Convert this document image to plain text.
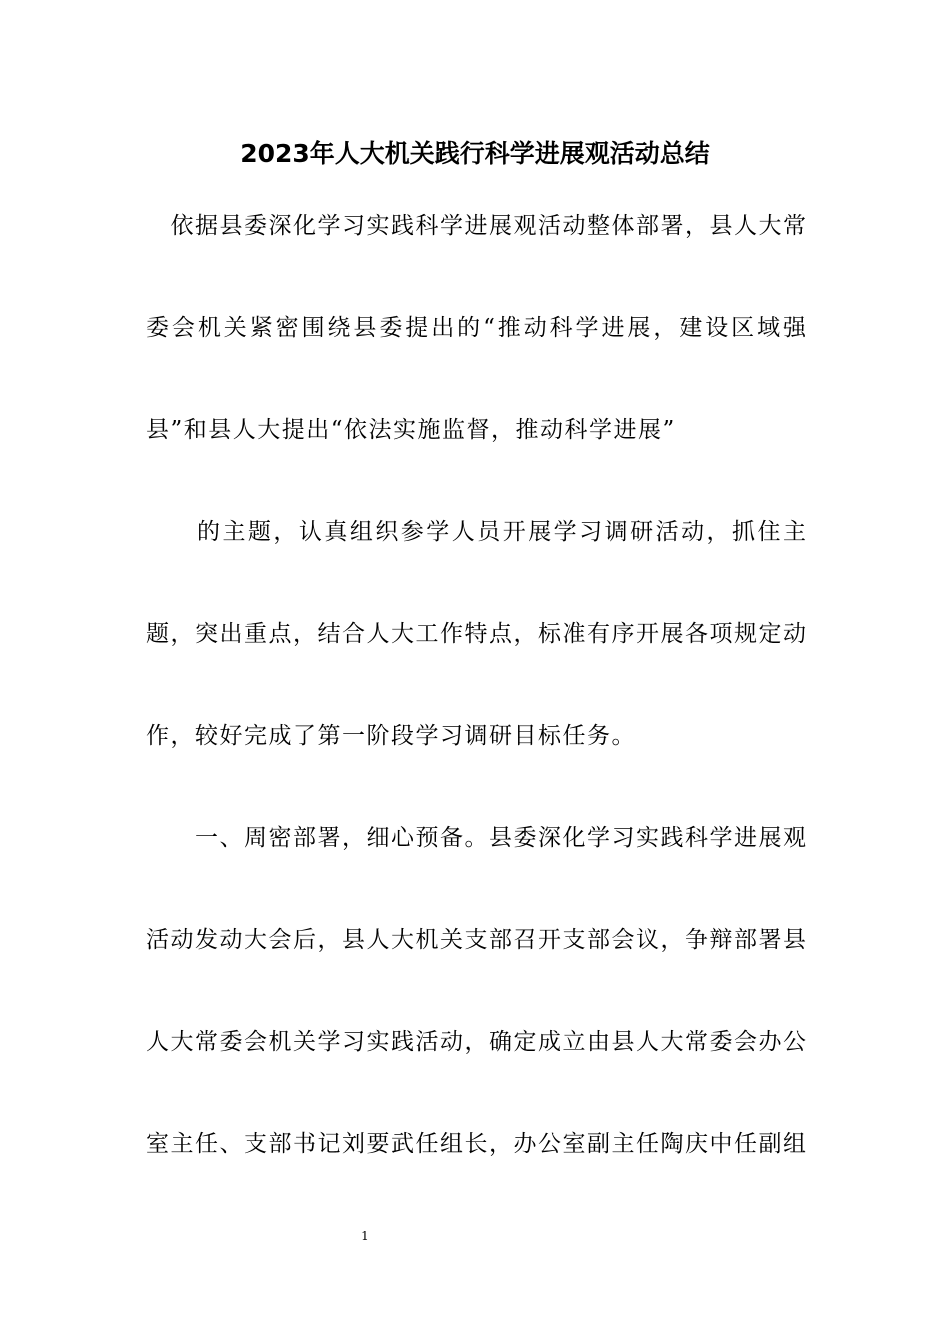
2023年人大机关践行科学进展观活动总结

　依据县委深化学习实践科学进展观活动整体部署，县人大常

委会机关紧密围绕县委提出的“推动科学进展，建设区域强

县”和县人大提出“依法实施监督，推动科学进展”

　　的主题，认真组织参学人员开展学习调研活动，抓住主

题，突出重点，结合人大工作特点，标准有序开展各项规定动

作，较好完成了第一阶段学习调研目标任务。

　　一、周密部署，细心预备。县委深化学习实践科学进展观

活动发动大会后，县人大机关支部召开支部会议，争辩部署县

人大常委会机关学习实践活动，确定成立由县人大常委会办公

室主任、支部书记刘要武任组长，办公室副主任陶庆中任副组

1
